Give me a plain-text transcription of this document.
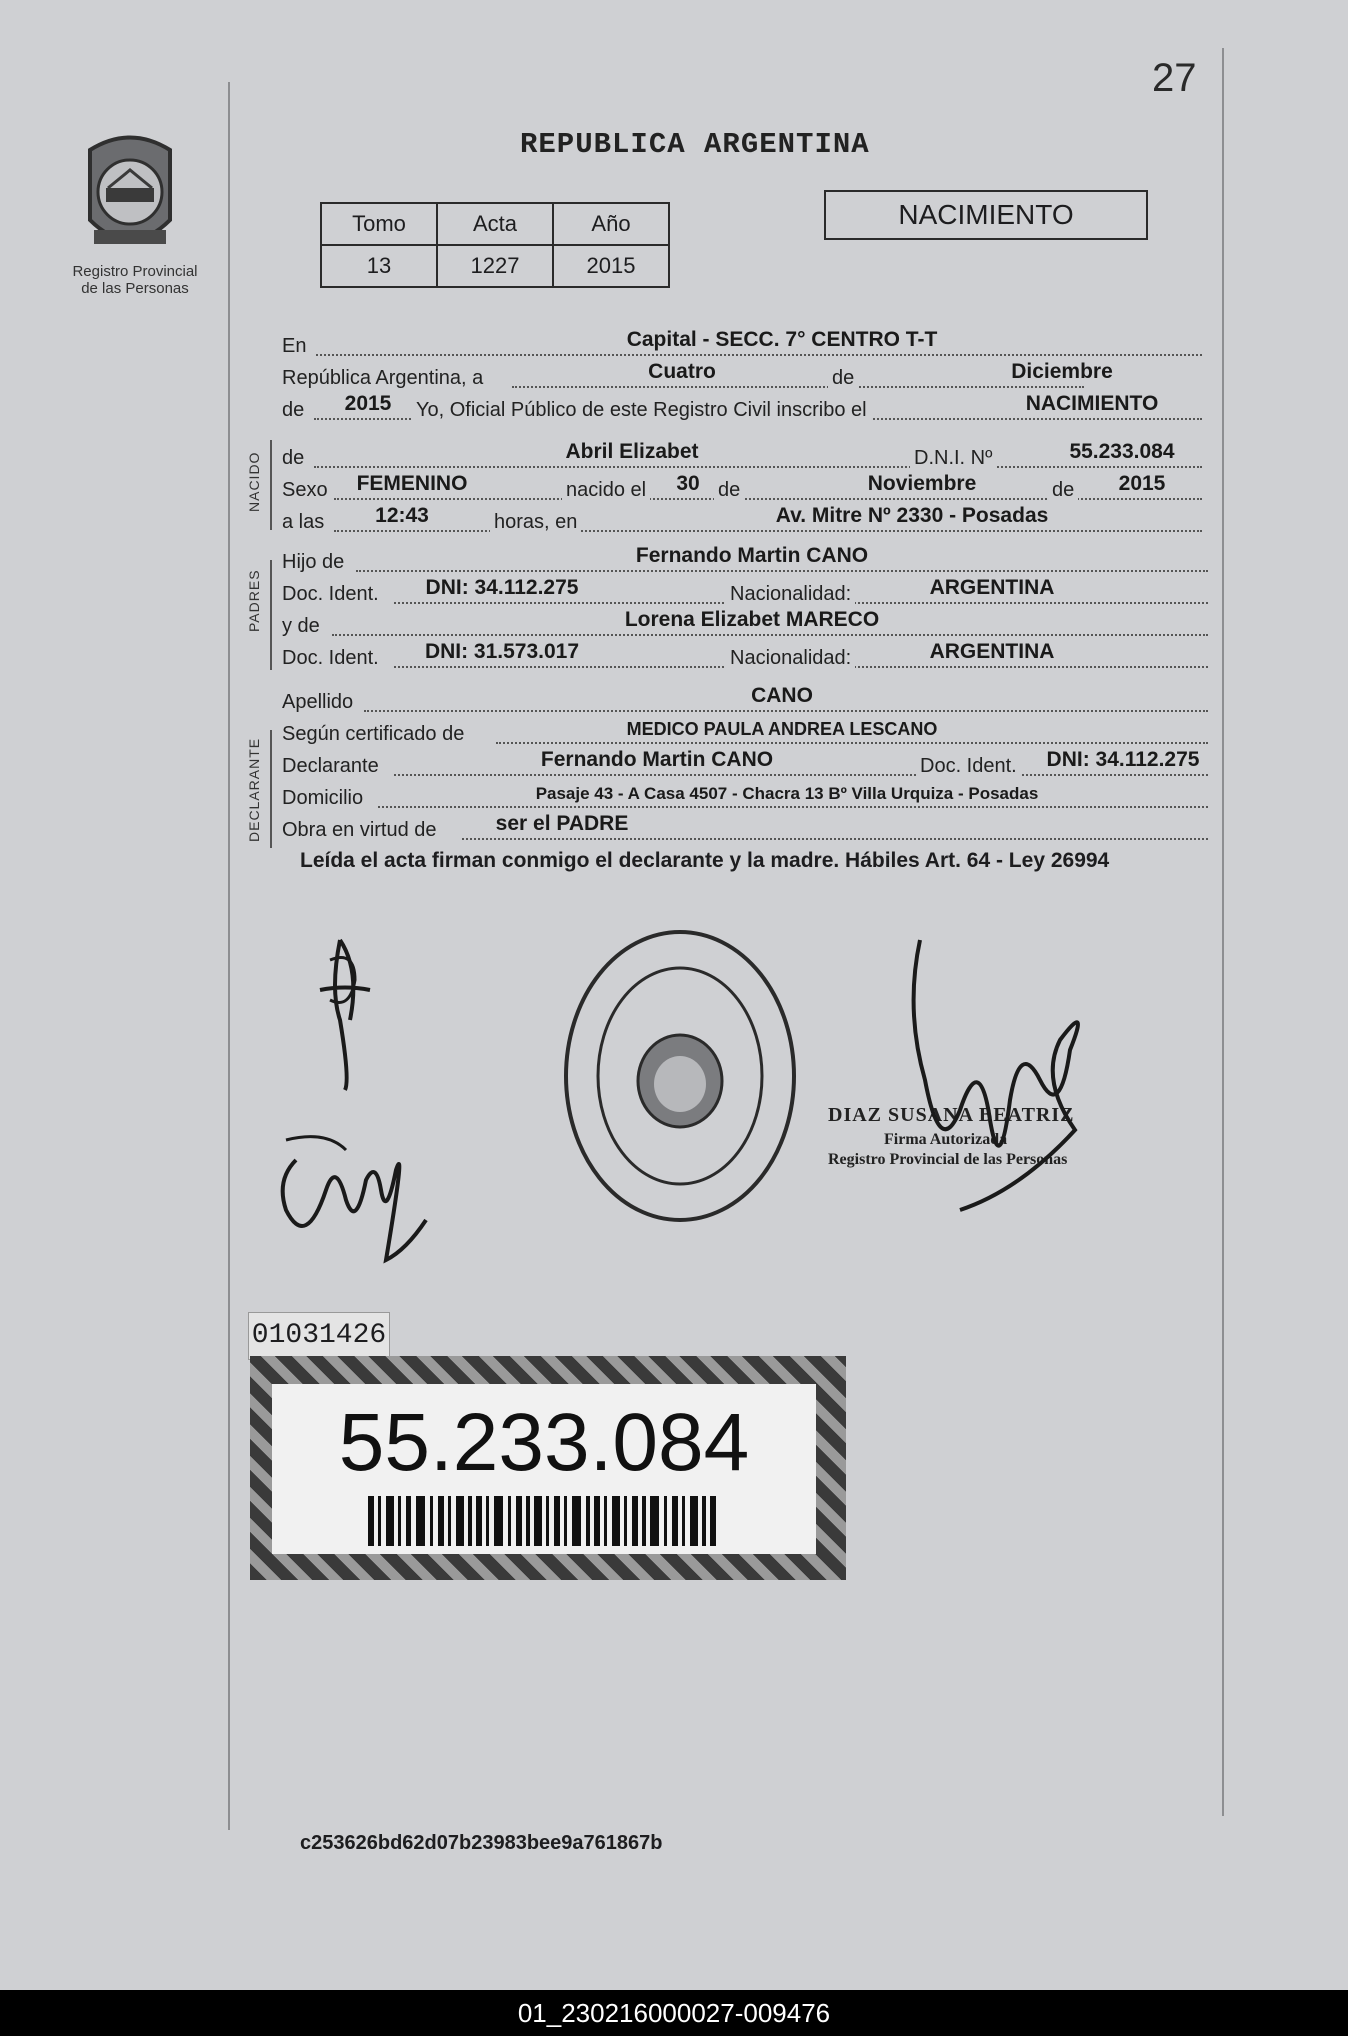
27
Registro Provincial
de las Personas
REPUBLICA ARGENTINA
Tomo	Acta	Año
13	1227	2015
NACIMIENTO
En	Capital - SECC. 7° CENTRO T-T
República Argentina, a	Cuatro	de	Diciembre
de	2015	Yo, Oficial Público de este Registro Civil inscribo el	NACIMIENTO
NACIDO de	Abril Elizabet	D.N.I. Nº	55.233.084
Sexo	FEMENINO	nacido el	30 de	Noviembre	de	2015
a las	12:43	horas, en	Av. Mitre Nº 2330 - Posadas
PADRES
Hijo de	Fernando Martin CANO
Doc. Ident.	DNI: 34.112.275	Nacionalidad:	ARGENTINA
y de	Lorena Elizabet MARECO
Doc. Ident.	DNI: 31.573.017	Nacionalidad:	ARGENTINA
Apellido	CANO
DECLARANTE
Según certificado de	MEDICO PAULA ANDREA LESCANO
Declarante	Fernando Martin CANO	Doc. Ident.	DNI: 34.112.275
Domicilio	Pasaje 43 - A Casa 4507 - Chacra 13 Bº Villa Urquiza - Posadas
Obra en virtud de	ser el PADRE
Leída el acta firman conmigo el declarante y la madre. Hábiles Art. 64 - Ley 26994
DIAZ SUSANA BEATRIZ
Firma Autorizada
Registro Provincial de las Personas
01031426
55.233.084
c253626bd62d07b23983bee9a761867b
01_230216000027-009476
